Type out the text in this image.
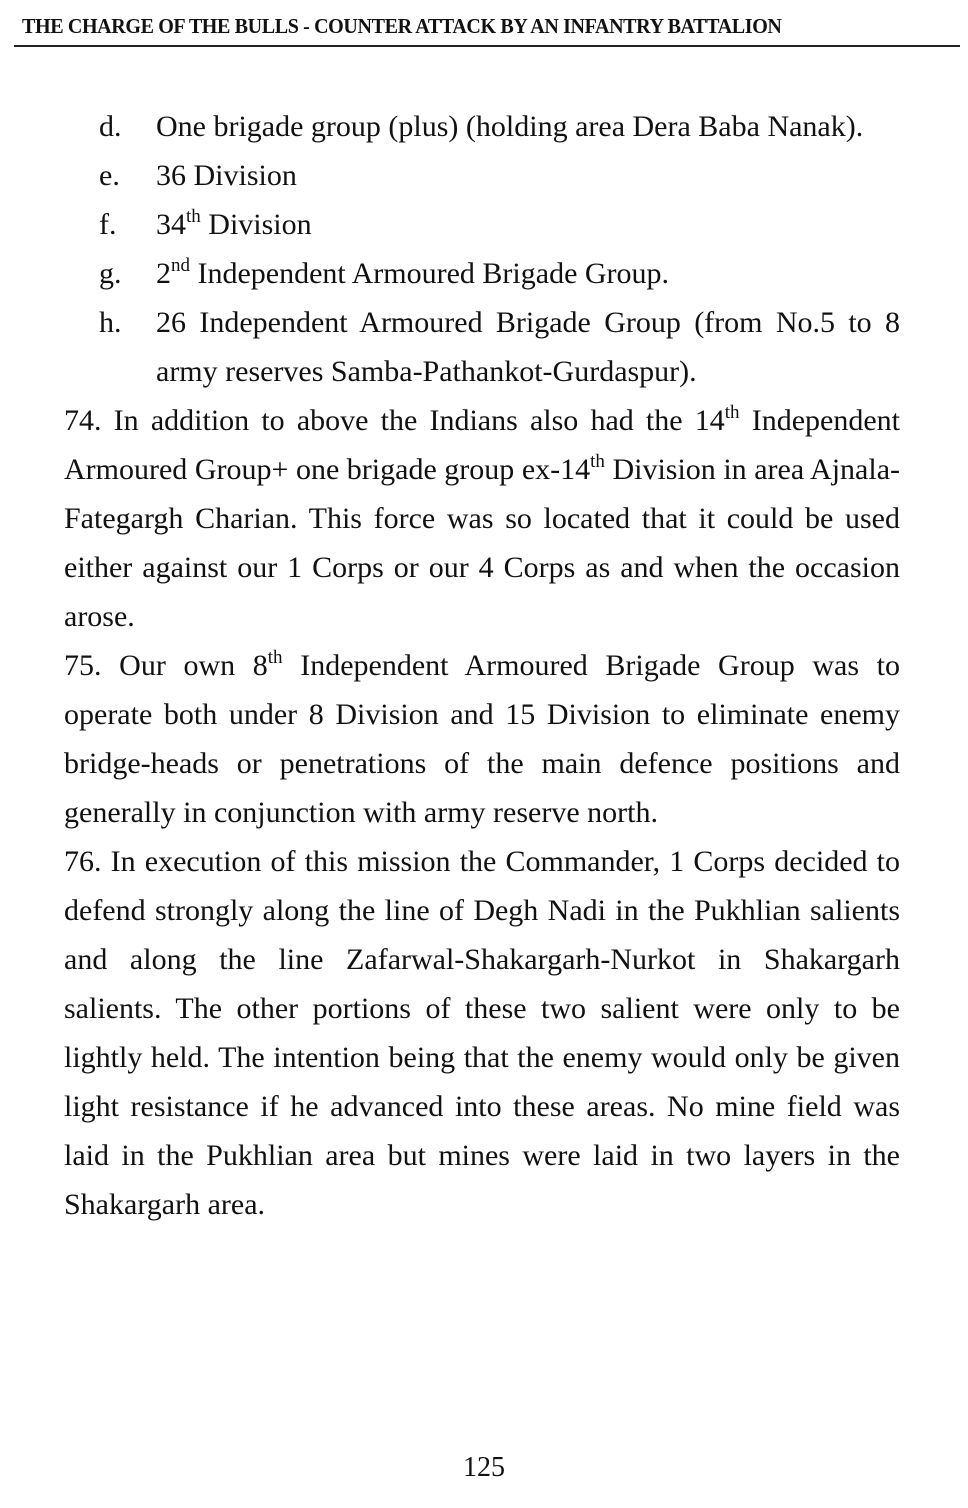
THE CHARGE OF THE BULLS - COUNTER ATTACK BY AN INFANTRY BATTALION
d.	One brigade group (plus) (holding area Dera Baba Nanak).
e.	36 Division
f.	34th Division
g.	2nd Independent Armoured Brigade Group.
h.	26 Independent Armoured Brigade Group (from No.5 to 8 army reserves Samba-Pathankot-Gurdaspur).

74. In addition to above the Indians also had the 14th Independent Armoured Group+ one brigade group ex-14th Division in area Ajnala-Fategargh Charian. This force was so located that it could be used either against our 1 Corps or our 4 Corps as and when the occasion arose.

75. Our own 8th Independent Armoured Brigade Group was to operate both under 8 Division and 15 Division to eliminate enemy bridge-heads or penetrations of the main defence positions and generally in conjunction with army reserve north.

76. In execution of this mission the Commander, 1 Corps decided to defend strongly along the line of Degh Nadi in the Pukhlian salients and along the line Zafarwal-Shakargarh-Nurkot in Shakargarh salients. The other portions of these two salient were only to be lightly held. The intention being that the enemy would only be given light resistance if he advanced into these areas. No mine field was laid in the Pukhlian area but mines were laid in two layers in the Shakargarh area.

125
